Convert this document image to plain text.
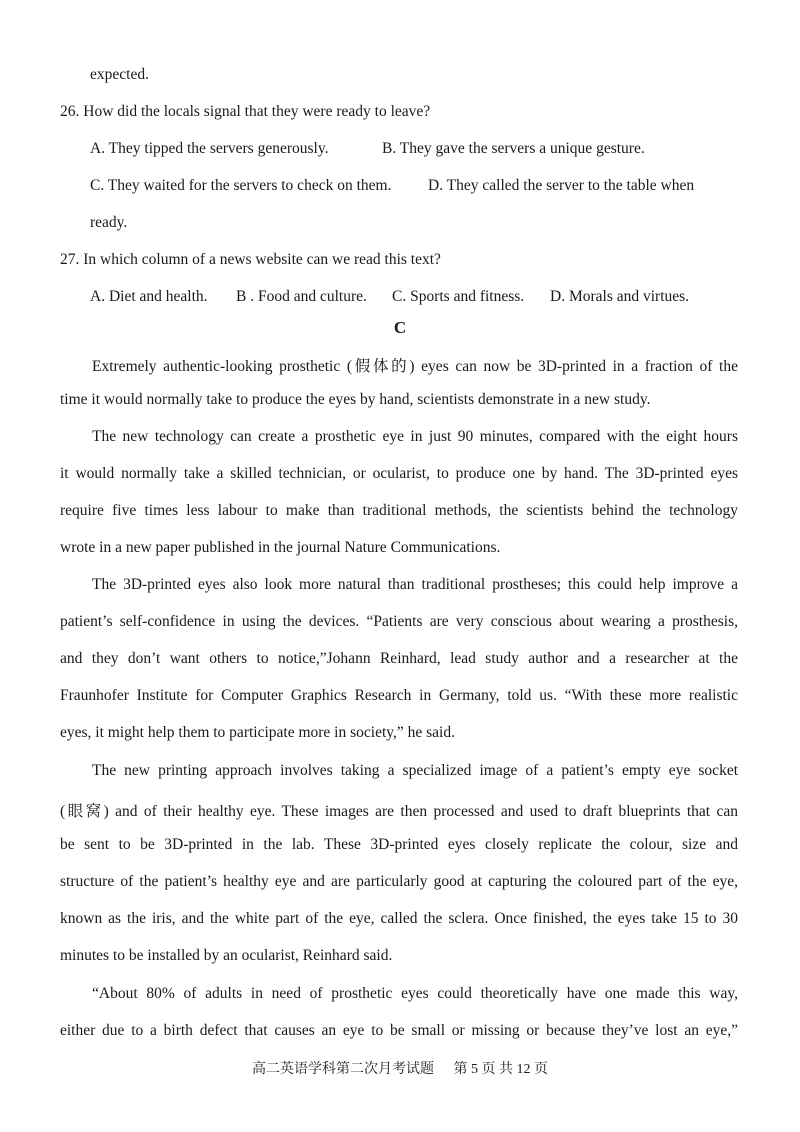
expected.
26. How did the locals signal that they were ready to leave?
A. They tipped the servers generously.	B. They gave the servers a unique gesture.
C. They waited for the servers to check on them. D. They called the server to the table when
ready.
27. In which column of a news website can we read this text?
A. Diet and health. B . Food and culture. C. Sports and fitness. D. Morals and virtues.
C
Extremely authentic-looking prosthetic (假体的) eyes can now be 3D-printed in a fraction of the
time it would normally take to produce the eyes by hand, scientists demonstrate in a new study.
The new technology can create a prosthetic eye in just 90 minutes, compared with the eight hours
it would normally take a skilled technician, or ocularist, to produce one by hand. The 3D-printed eyes
require five times less labour to make than traditional methods, the scientists behind the technology
wrote in a new paper published in the journal Nature Communications.
The 3D-printed eyes also look more natural than traditional prostheses; this could help improve a
patient’s self-confidence in using the devices. “Patients are very conscious about wearing a prosthesis,
and they don’t want others to notice,”Johann Reinhard, lead study author and a researcher at the
Fraunhofer Institute for Computer Graphics Research in Germany, told us. “With these more realistic
eyes, it might help them to participate more in society,” he said.
The new printing approach involves taking a specialized image of a patient’s empty eye socket
(眼窝) and of their healthy eye. These images are then processed and used to draft blueprints that can
be sent to be 3D-printed in the lab. These 3D-printed eyes closely replicate the colour, size and
structure of the patient’s healthy eye and are particularly good at capturing the coloured part of the eye,
known as the iris, and the white part of the eye, called the sclera. Once finished, the eyes take 15 to 30
minutes to be installed by an ocularist, Reinhard said.
“About 80% of adults in need of prosthetic eyes could theoretically have one made this way,
either due to a birth defect that causes an eye to be small or missing or because they’ve lost an eye,”
高二英语学科第二次月考试题 第 5 页 共 12 页
